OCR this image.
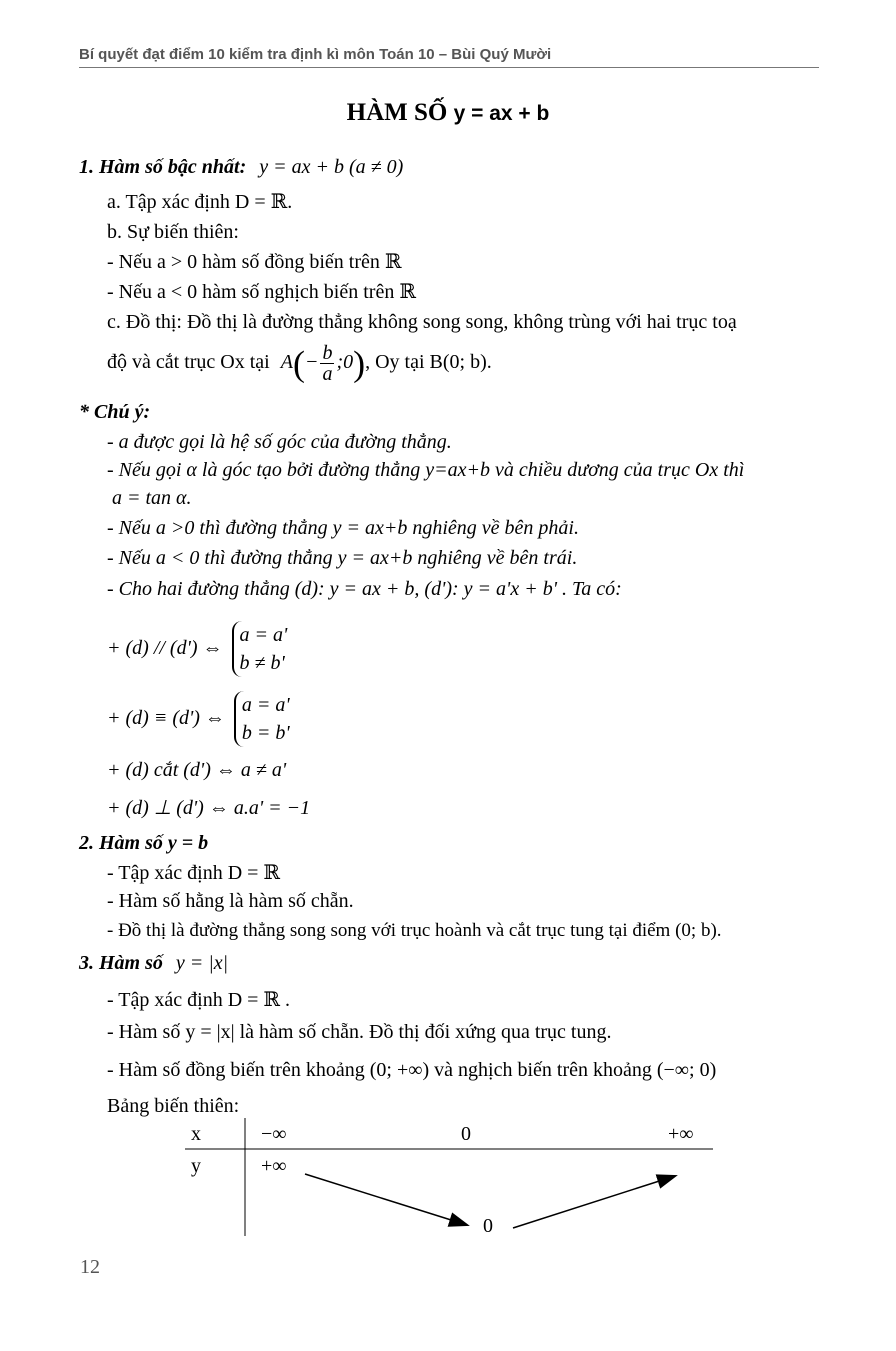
Bí quyết đạt điểm 10 kiểm tra định kì môn Toán 10 – Bùi Quý Mười
HÀM SỐ y = ax + b
1. Hàm số bậc nhất: y = ax + b (a ≠ 0)
a. Tập xác định D = ℝ.
b. Sự biến thiên:
- Nếu a > 0 hàm số đồng biến trên ℝ
- Nếu a < 0 hàm số nghịch biến trên ℝ
c. Đồ thị: Đồ thị là đường thẳng không song song, không trùng với hai trục toạ
độ và cắt trục Ox tại $A(- \frac{b}{a}$ ;0), Oy tại B(0; b).
* Chú ý:
- a được gọi là hệ số góc của đường thẳng.
- Nếu gọi α là góc tạo bởi đường thẳng y=ax+b và chiều dương của trục Ox thì
a = tan α.
- Nếu a >0 thì đường thẳng y = ax+b nghiêng về bên phải.
- Nếu a < 0 thì đường thẳng y = ax+b nghiêng về bên trái.
- Cho hai đường thẳng (d): y = ax + b, (d'): y = a'x + b' . Ta có:
+ (d) // (d') ⇔
a = a'
b ≠ b'
+ (d) ≡ (d') ⇔
a = a'
b = b'
+ (d) cắt (d') ⇔ a ≠ a'
+ (d) ⊥ (d') ⇔ a.a' = −1
2. Hàm số y = b
- Tập xác định D = ℝ
- Hàm số hằng là hàm số chẵn.
- Đồ thị là đường thẳng song song với trục hoành và cắt trục tung tại điểm (0; b).
3. Hàm số y = |x|
- Tập xác định D = ℝ .
- Hàm số y = |x| là hàm số chẵn. Đồ thị đối xứng qua trục tung.
- Hàm số đồng biến trên khoảng (0; +∞) và nghịch biến trên khoảng (−∞; 0)
Bảng biến thiên:
x
y
−∞	0	+∞
+∞
0
12
